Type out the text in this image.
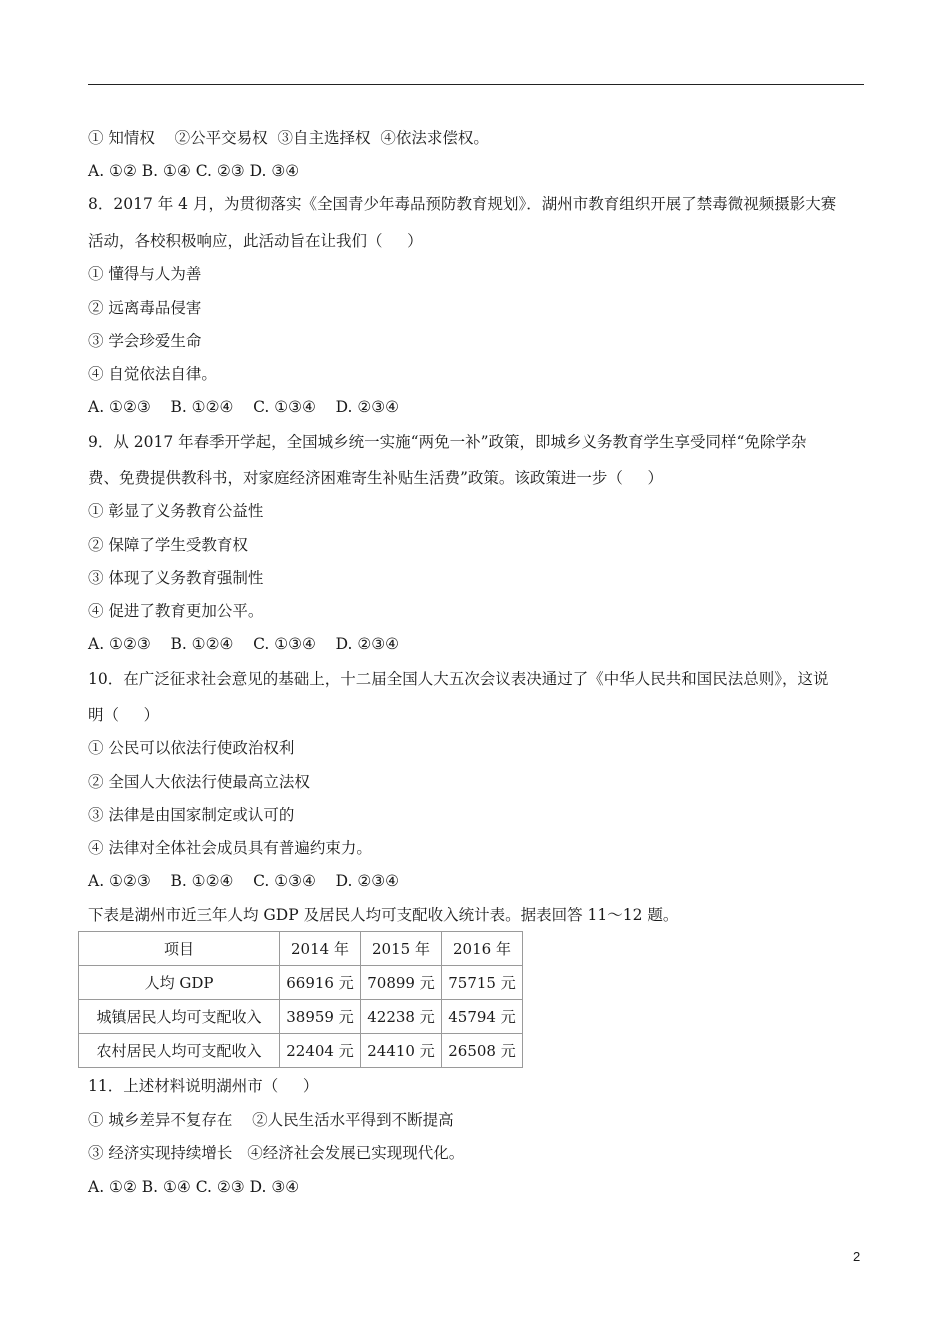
① 知情权    ②公平交易权  ③自主选择权  ④依法求偿权。
A. ①② B. ①④ C. ②③ D. ③④
8．2017 年 4 月，为贯彻落实《全国青少年毒品预防教育规划》．湖州市教育组织开展了禁毒微视频摄影大赛
活动，各校积极响应，此活动旨在让我们（     ）
① 懂得与人为善
② 远离毒品侵害
③ 学会珍爱生命
④ 自觉依法自律。
A. ①②③    B. ①②④    C. ①③④    D. ②③④
9．从 2017 年春季开学起，全国城乡统一实施“两免一补”政策，即城乡义务教育学生享受同样“免除学杂
费、免费提供教科书，对家庭经济困难寄生补贴生活费”政策。该政策进一步（     ）
① 彰显了义务教育公益性
② 保障了学生受教育权
③ 体现了义务教育强制性
④ 促进了教育更加公平。
A. ①②③    B. ①②④    C. ①③④    D. ②③④
10．在广泛征求社会意见的基础上，十二届全国人大五次会议表决通过了《中华人民共和国民法总则》，这说
明（     ）
① 公民可以依法行使政治权利
② 全国人大依法行使最高立法权
③ 法律是由国家制定或认可的
④ 法律对全体社会成员具有普遍约束力。
A. ①②③    B. ①②④    C. ①③④    D. ②③④
下表是湖州市近三年人均 GDP 及居民人均可支配收入统计表。据表回答 11～12 题。
项目	2014 年	2015 年	2016 年
人均 GDP	66916 元	70899 元	75715 元
城镇居民人均可支配收入	38959 元	42238 元	45794 元
农村居民人均可支配收入	22404 元	24410 元	26508 元
11．上述材料说明湖州市（     ）
① 城乡差异不复存在    ②人民生活水平得到不断提高
③ 经济实现持续增长   ④经济社会发展已实现现代化。
A. ①② B. ①④ C. ②③ D. ③④
2
